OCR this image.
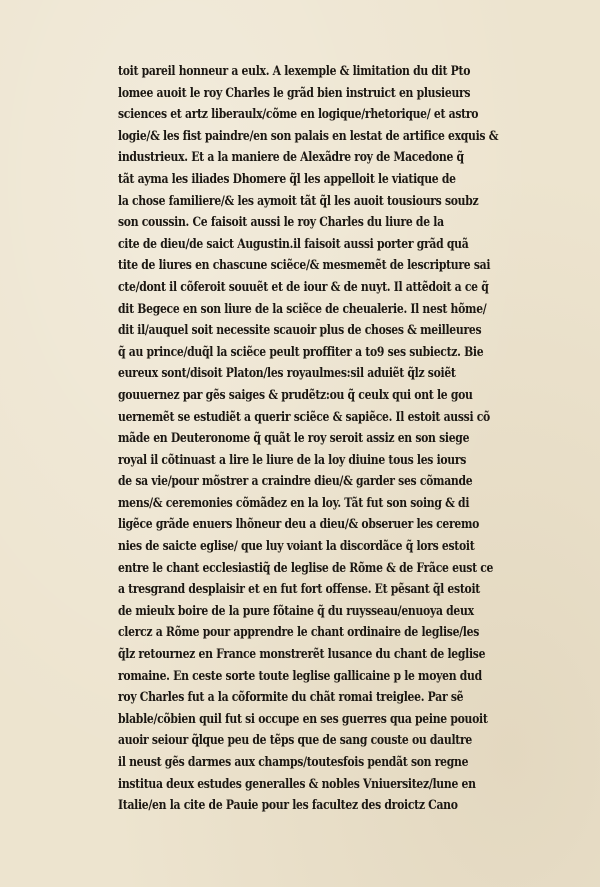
toit pareil honneur a eulx. A lexemple & limitation du dit Pto
lomee auoit le roy Charles le grãd bien instruict en plusieurs
sciences et artz liberaulx/cõme en logique/rhetorique/ et astro
logie/& les fist paindre/en son palais en lestat de artifice exquis &
industrieux. Et a la maniere de Alexãdre roy de Macedone q̃
tãt ayma les iliades Dhomere q̃l les appelloit le viatique de
la chose familiere/& les aymoit tãt q̃l les auoit tousiours soubz
son coussin. Ce faisoit aussi le roy Charles du liure de la
cite de dieu/de saict Augustin.il faisoit aussi porter grãd quã
tite de liures en chascune sciẽce/& mesmemẽt de lescripture sai
cte/dont il cõferoit souuẽt et de iour & de nuyt. Il attẽdoit a ce q̃
dit Begece en son liure de la sciẽce de cheualerie. Il nest hõme/
dit il/auquel soit necessite scauoir plus de choses & meilleures
q̃ au prince/duq̃l la sciẽce peult proffiter a to9 ses subiectz. Bie
eureux sont/disoit Platon/les royaulmes:sil aduiẽt q̃lz soiẽt
gouuernez par gẽs saiges & prudẽtz:ou q̃ ceulx qui ont le gou
uernemẽt se estudiẽt a querir sciẽce & sapiẽce. Il estoit aussi cõ
mãde en Deuteronome q̃ quãt le roy seroit assiz en son siege
royal il cõtinuast a lire le liure de la loy diuine tous les iours
de sa vie/pour mõstrer a craindre dieu/& garder ses cõmande
mens/& ceremonies cõmãdez en la loy. Tãt fut son soing & di
ligẽce grãde enuers lhõneur deu a dieu/& obseruer les ceremo
nies de saicte eglise/ que luy voiant la discordãce q̃ lors estoit
entre le chant ecclesiastiq̃ de leglise de Rõme & de Frãce eust ce
a tresgrand desplaisir et en fut fort offense. Et pẽsant q̃l estoit
de mieulx boire de la pure fõtaine q̃ du ruysseau/enuoya deux
clercz a Rõme pour apprendre le chant ordinaire de leglise/les
q̃lz retournez en France monstrerẽt lusance du chant de leglise
romaine. En ceste sorte toute leglise gallicaine p le moyen dud
roy Charles fut a la cõformite du chãt romai treiglee. Par sẽ
blable/cõbien quil fut si occupe en ses guerres qua peine pouoit
auoir seiour q̃lque peu de tẽps que de sang couste ou daultre
il neust gẽs darmes aux champs/toutesfois pendãt son regne
institua deux estudes generalles & nobles Vniuersitez/lune en
Italie/en la cite de Pauie pour les facultez des droictz Cano
